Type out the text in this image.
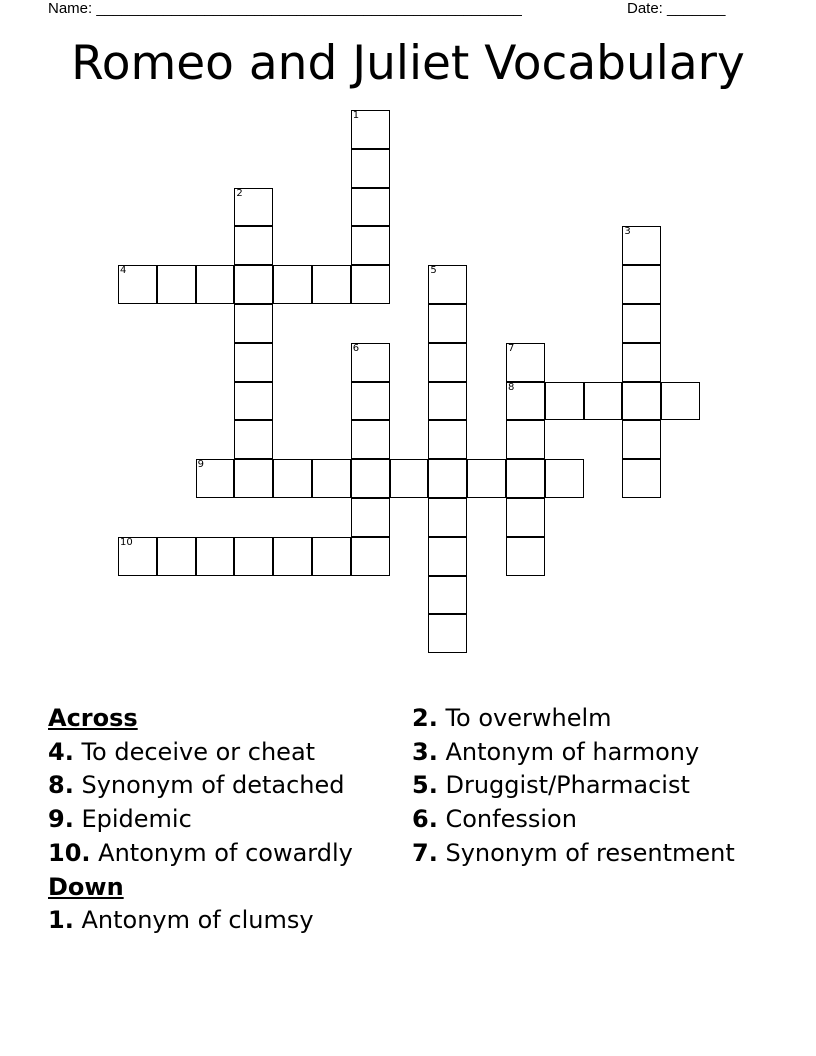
Name: ___________________________________________________	Date: _______
Romeo and Juliet Vocabulary
1
2
3
4	5
6	7
8
9
10
Across
4. To deceive or cheat
8. Synonym of detached
9. Epidemic
10. Antonym of cowardly
Down
1. Antonym of clumsy
2. To overwhelm
3. Antonym of harmony
5. Druggist/Pharmacist
6. Confession
7. Synonym of resentment
